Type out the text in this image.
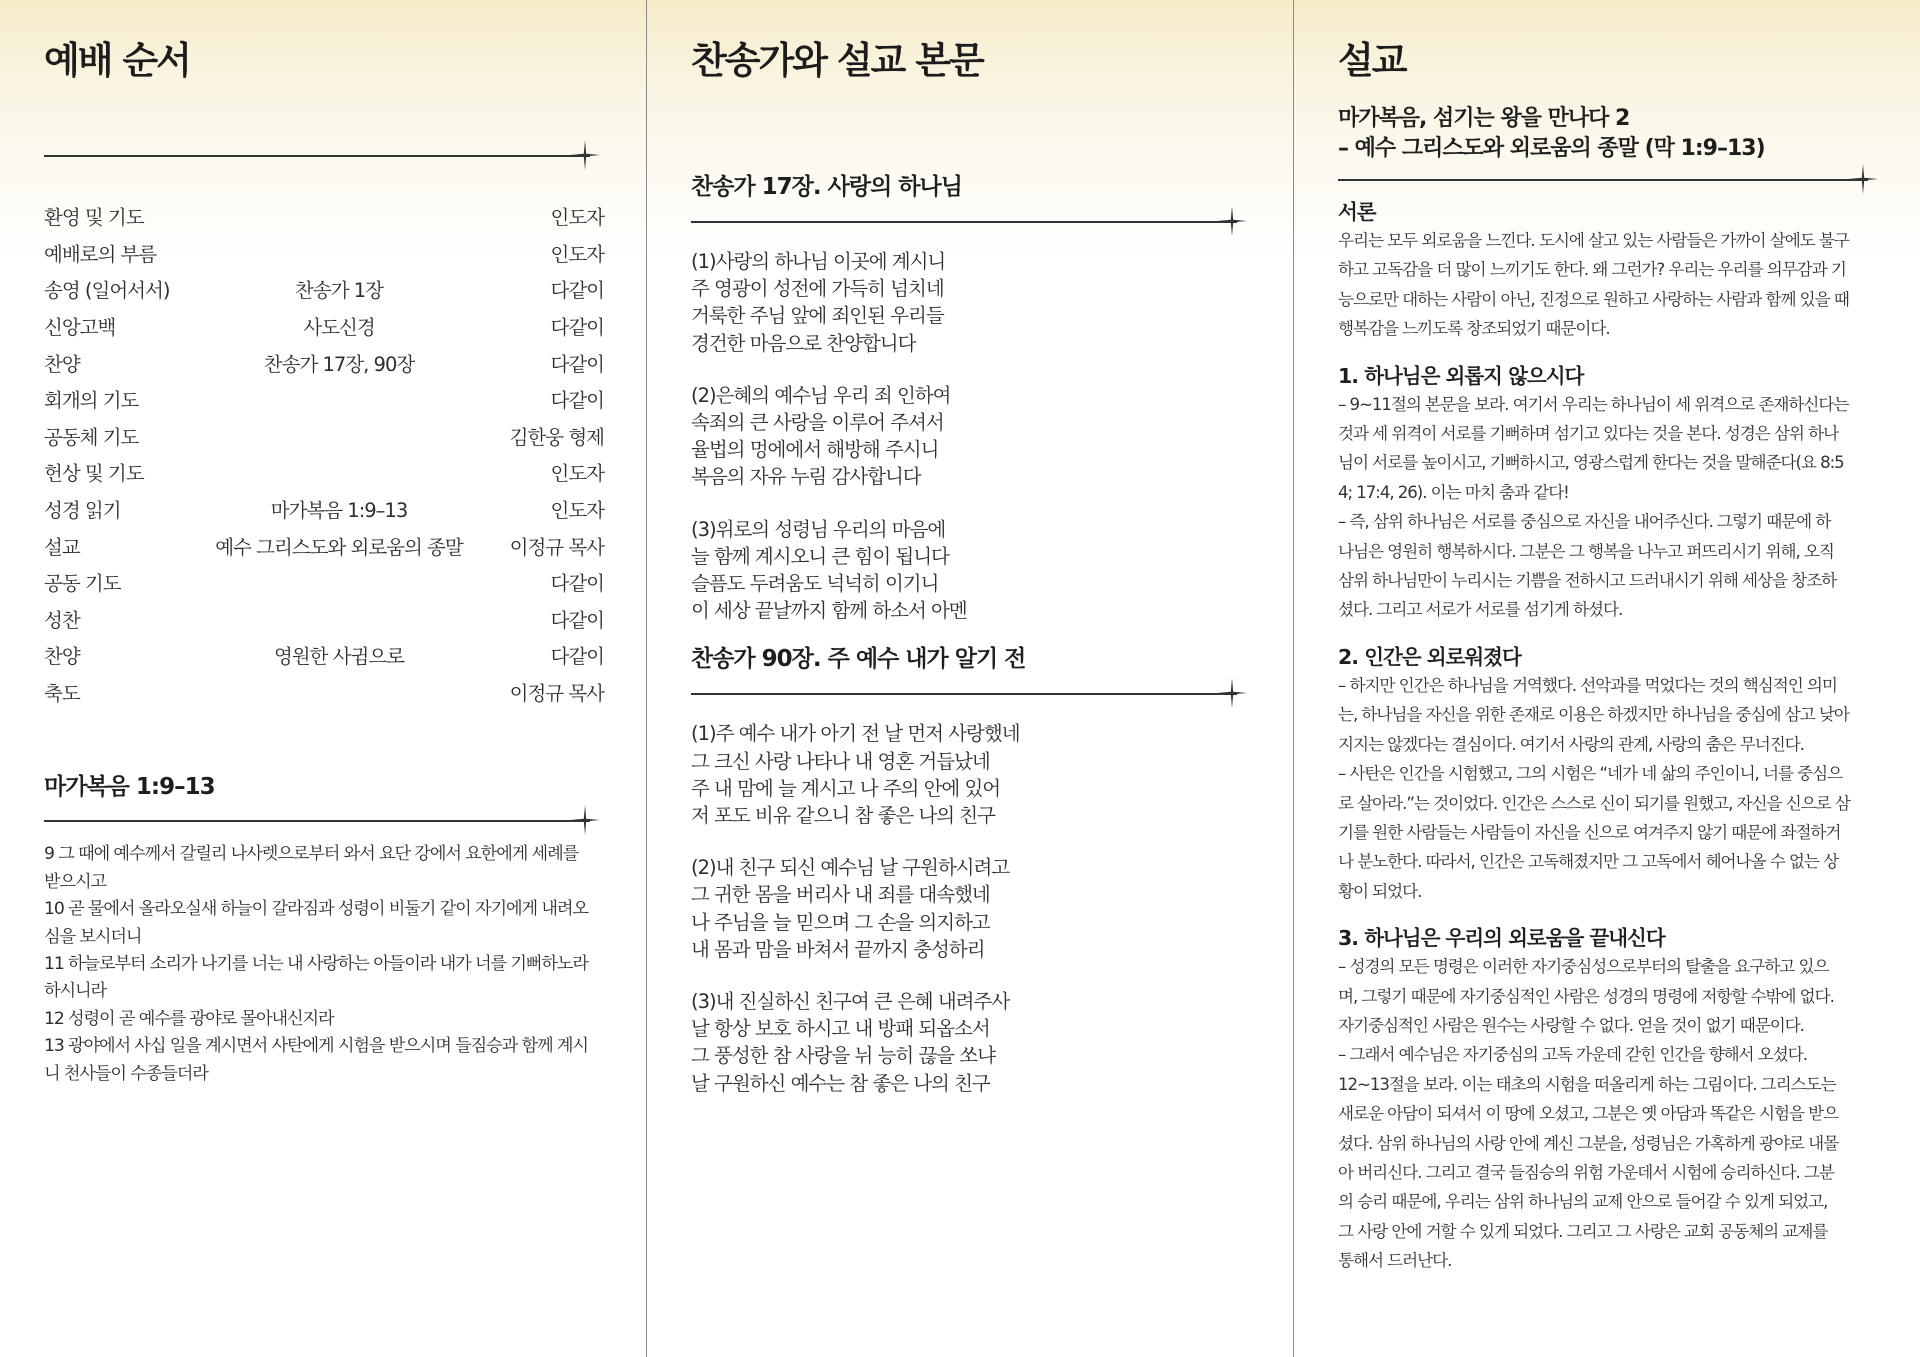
예배 순서
환영 및 기도	인도자
예배로의 부름	인도자
송영 (일어서서)	찬송가 1장	다같이
신앙고백	사도신경	다같이
찬양	찬송가 17장, 90장	다같이
회개의 기도	다같이
공동체 기도	김한웅 형제
헌상 및 기도	인도자
성경 읽기	마가복음 1:9–13	인도자
설교	예수 그리스도와 외로움의 종말	이정규 목사
공동 기도	다같이
성찬	다같이
찬양	영원한 사귐으로	다같이
축도	이정규 목사
마가복음 1:9–13

9 그 때에 예수께서 갈릴리 나사렛으로부터 와서 요단 강에서 요한에게 세례를

받으시고

10 곧 물에서 올라오실새 하늘이 갈라짐과 성령이 비둘기 같이 자기에게 내려오

심을 보시더니

11 하늘로부터 소리가 나기를 너는 내 사랑하는 아들이라 내가 너를 기뻐하노라

하시니라

12 성령이 곧 예수를 광야로 몰아내신지라

13 광야에서 사십 일을 계시면서 사탄에게 시험을 받으시며 들짐승과 함께 계시

니 천사들이 수종들더라

찬송가와 설교 본문
찬송가 17장. 사랑의 하나님

(1)사랑의 하나님 이곳에 계시니

주 영광이 성전에 가득히 넘치네

거룩한 주님 앞에 죄인된 우리들

경건한 마음으로 찬양합니다

(2)은혜의 예수님 우리 죄 인하여

속죄의 큰 사랑을 이루어 주셔서

율법의 멍에에서 해방해 주시니

복음의 자유 누림 감사합니다

(3)위로의 성령님 우리의 마음에

늘 함께 계시오니 큰 힘이 됩니다

슬픔도 두려움도 넉넉히 이기니

이 세상 끝날까지 함께 하소서 아멘

찬송가 90장. 주 예수 내가 알기 전

(1)주 예수 내가 아기 전 날 먼저 사랑했네

그 크신 사랑 나타나 내 영혼 거듭났네

주 내 맘에 늘 계시고 나 주의 안에 있어

저 포도 비유 같으니 참 좋은 나의 친구

(2)내 친구 되신 예수님 날 구원하시려고

그 귀한 몸을 버리사 내 죄를 대속했네

나 주님을 늘 믿으며 그 손을 의지하고

내 몸과 맘을 바쳐서 끝까지 충성하리

(3)내 진실하신 친구여 큰 은혜 내려주사

날 항상 보호 하시고 내 방패 되옵소서

그 풍성한 참 사랑을 뉘 능히 끊을 쏘냐

날 구원하신 예수는 참 좋은 나의 친구

설교

마가복음, 섬기는 왕을 만나다 2

– 예수 그리스도와 외로움의 종말 (막 1:9–13)

서론

우리는 모두 외로움을 느낀다. 도시에 살고 있는 사람들은 가까이 살에도 불구

하고 고독감을 더 많이 느끼기도 한다. 왜 그런가? 우리는 우리를 의무감과 기

능으로만 대하는 사람이 아닌, 진정으로 원하고 사랑하는 사람과 함께 있을 때

행복감을 느끼도록 창조되었기 때문이다.

1. 하나님은 외롭지 않으시다

– 9~11절의 본문을 보라. 여기서 우리는 하나님이 세 위격으로 존재하신다는

것과 세 위격이 서로를 기뻐하며 섬기고 있다는 것을 본다. 성경은 삼위 하나

님이 서로를 높이시고, 기뻐하시고, 영광스럽게 한다는 것을 말해준다(요 8:5

4; 17:4, 26). 이는 마치 춤과 같다!

– 즉, 삼위 하나님은 서로를 중심으로 자신을 내어주신다. 그렇기 때문에 하

나님은 영원히 행복하시다. 그분은 그 행복을 나누고 퍼뜨리시기 위해, 오직

삼위 하나님만이 누리시는 기쁨을 전하시고 드러내시기 위해 세상을 창조하

셨다. 그리고 서로가 서로를 섬기게 하셨다.

2. 인간은 외로워졌다

– 하지만 인간은 하나님을 거역했다. 선악과를 먹었다는 것의 핵심적인 의미

는, 하나님을 자신을 위한 존재로 이용은 하겠지만 하나님을 중심에 삼고 낮아

지지는 않겠다는 결심이다. 여기서 사랑의 관계, 사랑의 춤은 무너진다.

– 사탄은 인간을 시험했고, 그의 시험은 “네가 네 삶의 주인이니, 너를 중심으

로 살아라.”는 것이었다. 인간은 스스로 신이 되기를 원했고, 자신을 신으로 삼

기를 원한 사람들는 사람들이 자신을 신으로 여겨주지 않기 때문에 좌절하거

나 분노한다. 따라서, 인간은 고독해졌지만 그 고독에서 헤어나올 수 없는 상

황이 되었다.

3. 하나님은 우리의 외로움을 끝내신다

– 성경의 모든 명령은 이러한 자기중심성으로부터의 탈출을 요구하고 있으

며, 그렇기 때문에 자기중심적인 사람은 성경의 명령에 저항할 수밖에 없다.

자기중심적인 사람은 원수는 사랑할 수 없다. 얻을 것이 없기 때문이다.

– 그래서 예수님은 자기중심의 고독 가운데 갇힌 인간을 향해서 오셨다.

12~13절을 보라. 이는 태초의 시험을 떠올리게 하는 그림이다. 그리스도는

새로운 아담이 되셔서 이 땅에 오셨고, 그분은 옛 아담과 똑같은 시험을 받으

셨다. 삼위 하나님의 사랑 안에 계신 그분을, 성령님은 가혹하게 광야로 내몰

아 버리신다. 그리고 결국 들짐승의 위험 가운데서 시험에 승리하신다. 그분

의 승리 때문에, 우리는 삼위 하나님의 교제 안으로 들어갈 수 있게 되었고,

그 사랑 안에 거할 수 있게 되었다. 그리고 그 사랑은 교회 공동체의 교제를

통해서 드러난다.
